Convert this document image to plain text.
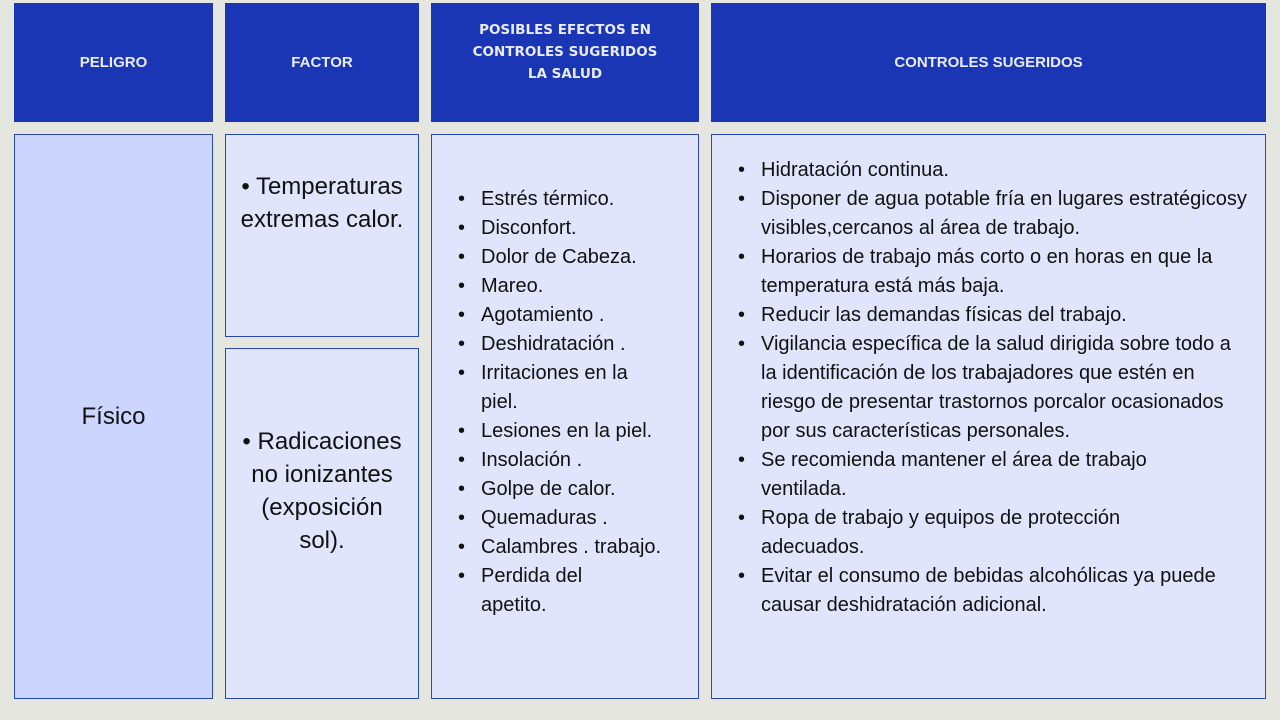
PELIGRO	FACTOR
POSIBLES EFECTOS EN CONTROLES SUGERIDOS LA SALUD
CONTROLES SUGERIDOS
Físico
• Temperaturas extremas calor.
• Radicaciones no ionizantes (exposición sol).
• Estrés térmico.
• Disconfort.
• Dolor de Cabeza.
• Mareo.
• Agotamiento .
• Deshidratación .
• Irritaciones en la piel.
• Lesiones en la piel.
• Insolación .
• Golpe de calor.
• Quemaduras .
• Calambres . trabajo.
• Perdida del apetito.
• Hidratación continua.
• Disponer de agua potable fría en lugares estratégicosy visibles,cercanos al área de trabajo.
• Horarios de trabajo más corto o en horas en que la temperatura está más baja.
• Reducir las demandas físicas del trabajo.
• Vigilancia específica de la salud dirigida sobre todo a la identificación de los trabajadores que estén en riesgo de presentar trastornos porcalor ocasionados por sus características personales.
• Se recomienda mantener el área de trabajo ventilada.
• Ropa de trabajo y equipos de protección adecuados.
• Evitar el consumo de bebidas alcohólicas ya puede causar deshidratación adicional.
